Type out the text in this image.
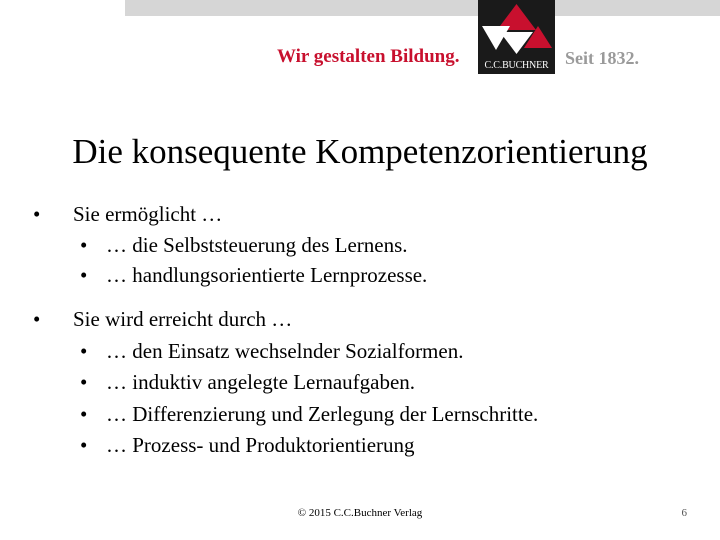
Wir gestalten Bildung.	C.C.BUCHNER Seit 1832.
Die konsequente Kompetenzorientierung
• Sie ermöglicht …
• … die Selbststeuerung des Lernens.
• … handlungsorientierte Lernprozesse.
• Sie wird erreicht durch …
• … den Einsatz wechselnder Sozialformen.
• … induktiv angelegte Lernaufgaben.
• … Differenzierung und Zerlegung der Lernschritte.
• … Prozess- und Produktorientierung
© 2015 C.C.Buchner Verlag	6
